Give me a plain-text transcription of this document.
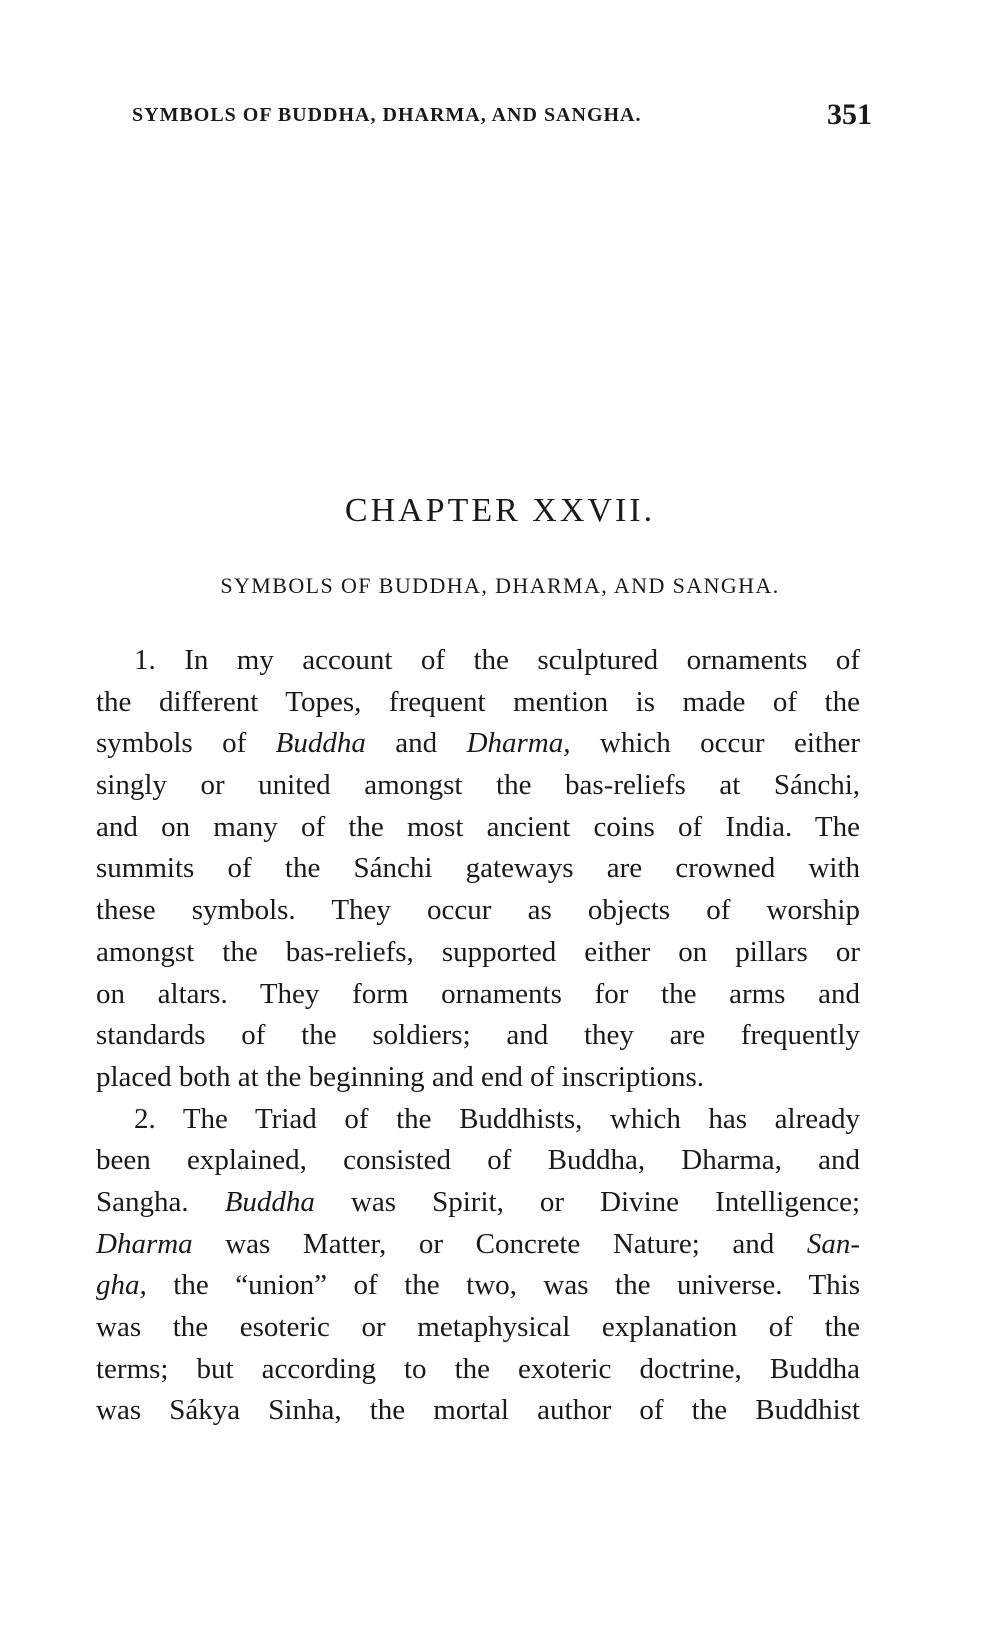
SYMBOLS OF BUDDHA, DHARMA, AND SANGHA.	351
CHAPTER XXVII.
SYMBOLS OF BUDDHA, DHARMA, AND SANGHA.
1. In my account of the sculptured ornaments of
the different Topes, frequent mention is made of the
symbols of Buddha and Dharma, which occur either
singly or united amongst the bas-reliefs at Sánchi,
and on many of the most ancient coins of India. The
summits of the Sánchi gateways are crowned with
these symbols. They occur as objects of worship
amongst the bas-reliefs, supported either on pillars or
on altars. They form ornaments for the arms and
standards of the soldiers; and they are frequently
placed both at the beginning and end of inscriptions.
2. The Triad of the Buddhists, which has already
been explained, consisted of Buddha, Dharma, and
Sangha. Buddha was Spirit, or Divine Intelligence;
Dharma was Matter, or Concrete Nature; and San-
gha, the “union” of the two, was the universe. This
was the esoteric or metaphysical explanation of the
terms; but according to the exoteric doctrine, Buddha
was Sákya Sinha, the mortal author of the Buddhist
